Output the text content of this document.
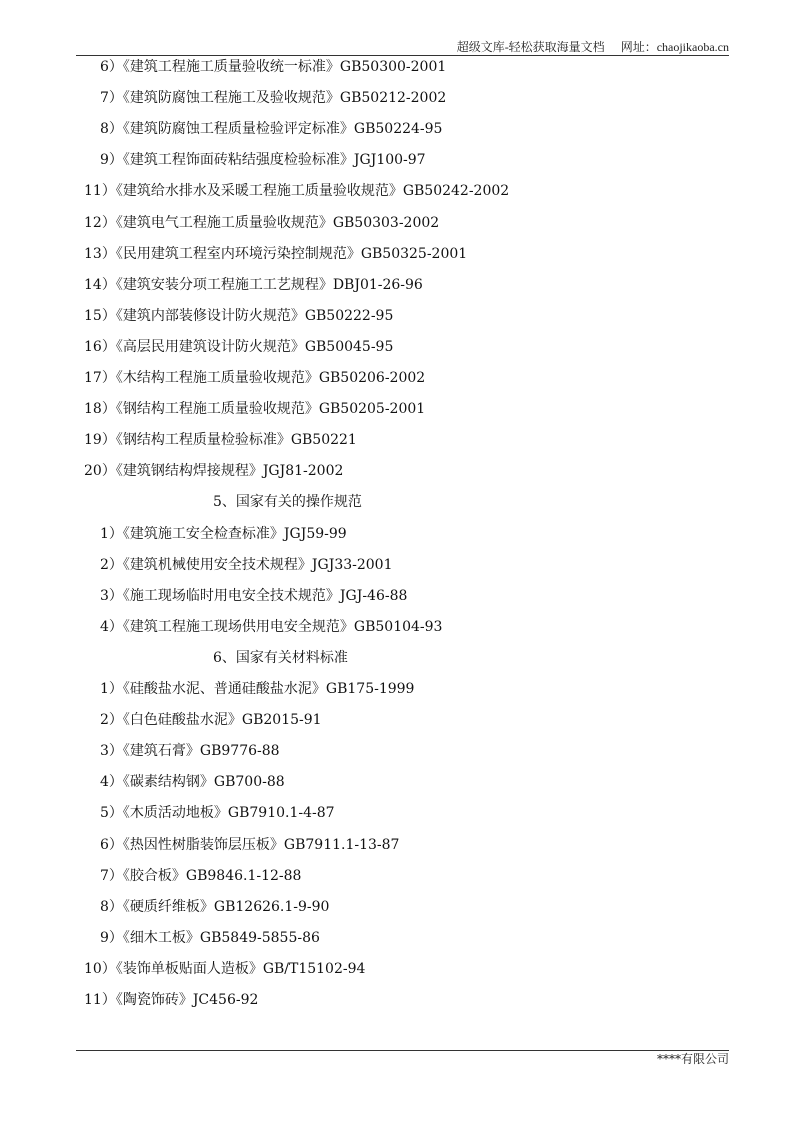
超级文库-轻松获取海量文档 网址：chaojikaoba.cn
6）《建筑工程施工质量验收统一标准》GB50300-2001
7）《建筑防腐蚀工程施工及验收规范》GB50212-2002
8）《建筑防腐蚀工程质量检验评定标准》GB50224-95
9）《建筑工程饰面砖粘结强度检验标准》JGJ100-97
11）《建筑给水排水及采暖工程施工质量验收规范》GB50242-2002
12）《建筑电气工程施工质量验收规范》GB50303-2002
13）《民用建筑工程室内环境污染控制规范》GB50325-2001
14）《建筑安装分项工程施工工艺规程》DBJ01-26-96
15）《建筑内部装修设计防火规范》GB50222-95
16）《高层民用建筑设计防火规范》GB50045-95
17）《木结构工程施工质量验收规范》GB50206-2002
18）《钢结构工程施工质量验收规范》GB50205-2001
19）《钢结构工程质量检验标准》GB50221
20）《建筑钢结构焊接规程》JGJ81-2002
5、国家有关的操作规范
1）《建筑施工安全检查标准》JGJ59-99
2）《建筑机械使用安全技术规程》JGJ33-2001
3）《施工现场临时用电安全技术规范》JGJ-46-88
4）《建筑工程施工现场供用电安全规范》GB50104-93
6、国家有关材料标准
1）《硅酸盐水泥、普通硅酸盐水泥》GB175-1999
2）《白色硅酸盐水泥》GB2015-91
3）《建筑石膏》GB9776-88
4）《碳素结构钢》GB700-88
5）《木质活动地板》GB7910.1-4-87
6）《热因性树脂装饰层压板》GB7911.1-13-87
7）《胶合板》GB9846.1-12-88
8）《硬质纤维板》GB12626.1-9-90
9）《细木工板》GB5849-5855-86
10）《装饰单板贴面人造板》GB/T15102-94
11）《陶瓷饰砖》JC456-92
****有限公司
